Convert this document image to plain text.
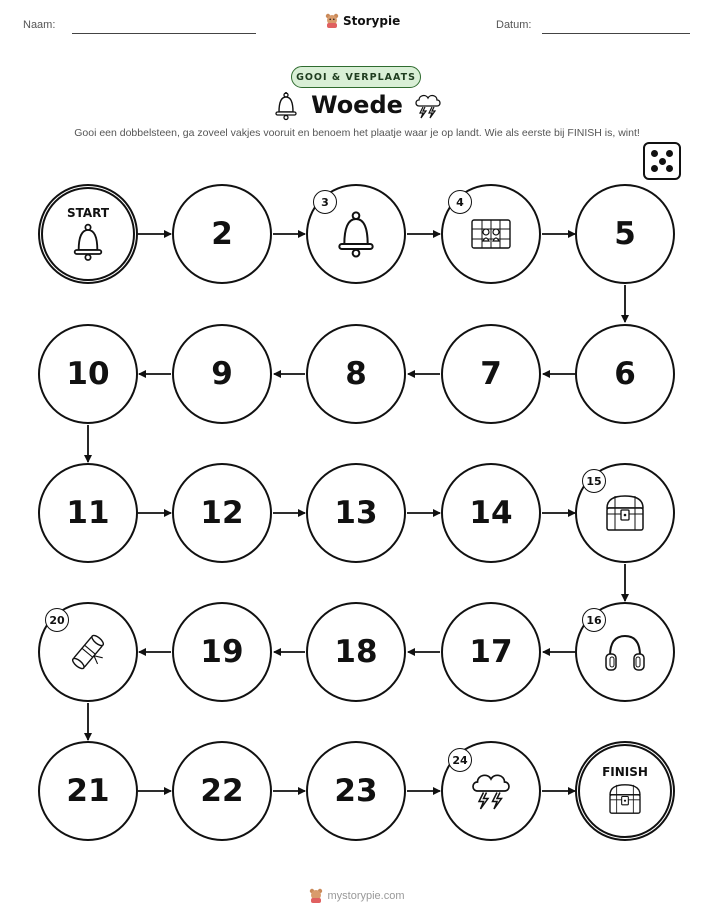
Naam:	Storypie	Datum:
GOOI & VERPLAATS
Woede
Gooi een dobbelsteen, ga zoveel vakjes vooruit en benoem het plaatje waar je op landt. Wie als eerste bij FINISH is, wint!
START
2
3	4
5
10	9	8	7	6
11	12	13	14
15
20
19	18	17
16
21	22	23
24
FINISH
mystorypie.com
